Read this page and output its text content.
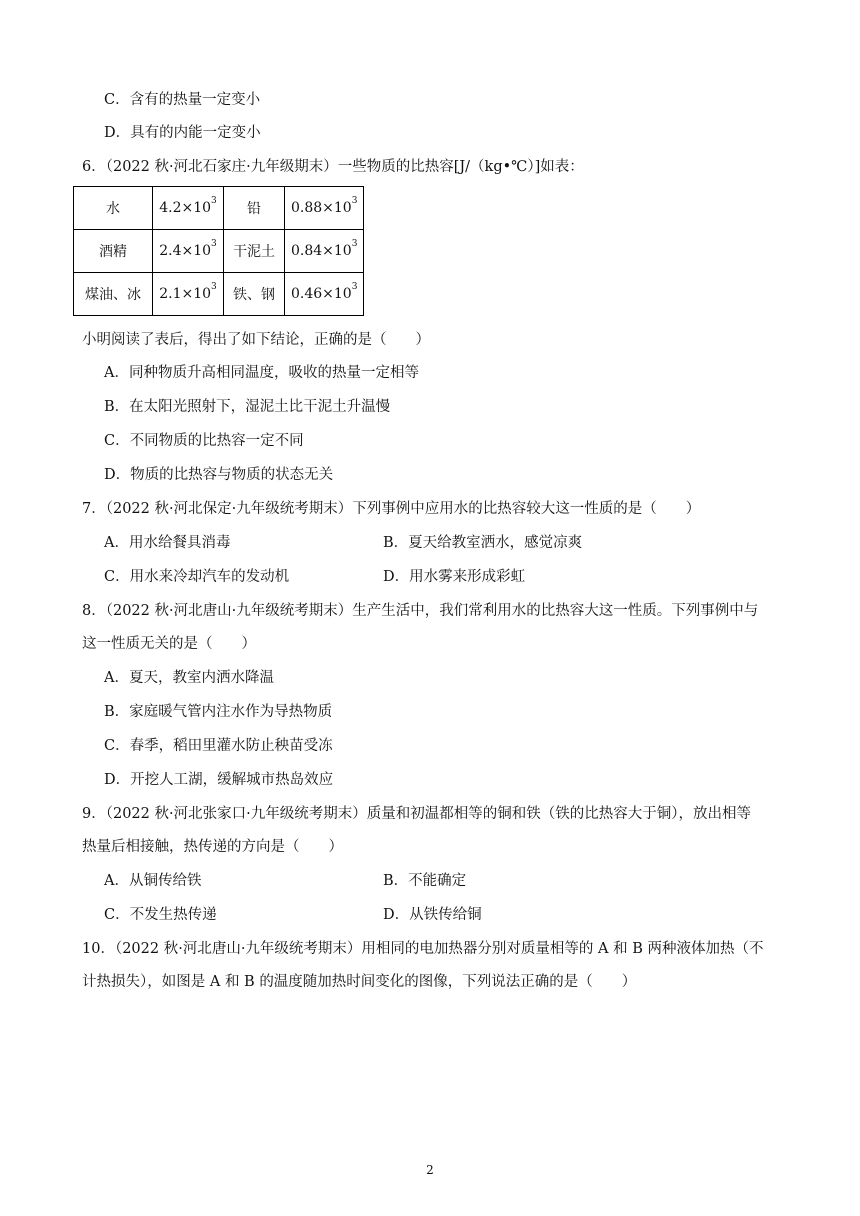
C．含有的热量一定变小
D．具有的内能一定变小
6．（2022 秋·河北石家庄·九年级期末）一些物质的比热容[J/（kg•℃）]如表：
水	$4.2\times 10^3$	铅	$0.88\times 10^3$
酒精	$2.4\times 10^3$	干泥土	$0.84\times 10^3$
煤油、冰	$2.1\times 10^3$	铁、钢	$0.46\times 10^3$
小明阅读了表后，得出了如下结论，正确的是（　　）
A．同种物质升高相同温度，吸收的热量一定相等
B．在太阳光照射下，湿泥土比干泥土升温慢
C．不同物质的比热容一定不同
D．物质的比热容与物质的状态无关
7．（2022 秋·河北保定·九年级统考期末）下列事例中应用水的比热容较大这一性质的是（　　）
A．用水给餐具消毒	B．夏天给教室洒水，感觉凉爽
C．用水来冷却汽车的发动机	D．用水雾来形成彩虹
8．（2022 秋·河北唐山·九年级统考期末）生产生活中，我们常利用水的比热容大这一性质。下列事例中与
这一性质无关的是（　　）
A．夏天，教室内洒水降温
B．家庭暖气管内注水作为导热物质
C．春季，稻田里灌水防止秧苗受冻
D．开挖人工湖，缓解城市热岛效应
9．（2022 秋·河北张家口·九年级统考期末）质量和初温都相等的铜和铁（铁的比热容大于铜），放出相等
热量后相接触，热传递的方向是（　　）
A．从铜传给铁	B．不能确定
C．不发生热传递	D．从铁传给铜
10．（2022 秋·河北唐山·九年级统考期末）用相同的电加热器分别对质量相等的 A 和 B 两种液体加热（不
计热损失），如图是 A 和 B 的温度随加热时间变化的图像，下列说法正确的是（　　）
2
